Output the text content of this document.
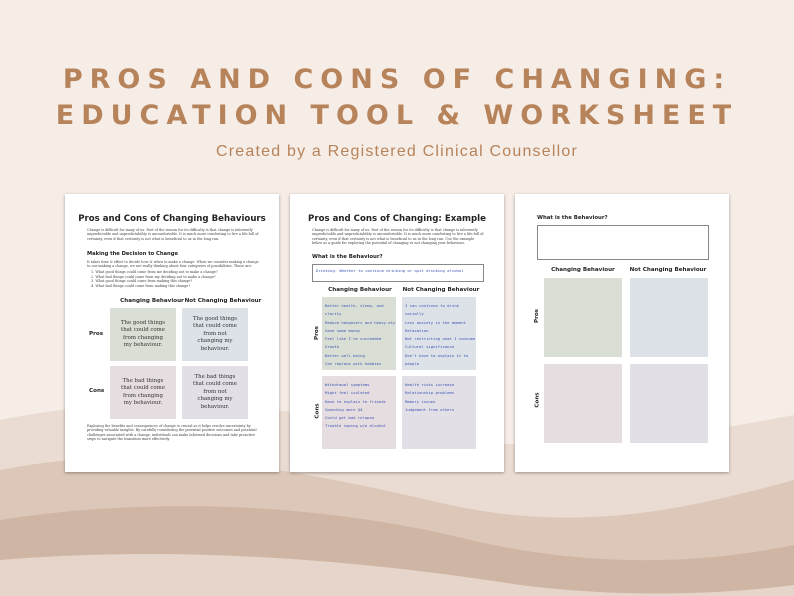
PROS AND CONS OF CHANGING:
EDUCATION TOOL & WORKSHEET
Created by a Registered Clinical Counsellor
Pros and Cons of Changing Behaviours
Change is difficult for many of us. Part of the reason for its difficulty is that change is inherently unpredictable and unpredictability is uncomfortable. It is much more comforting to live a life full of certainty, even if that certainty is not what is beneficial to us in the long run.
Making the Decision to Change
It takes time & effort to decide how & when to make a change. When we consider making a change to our making a change, we are really thinking about four categories of possibilities. These are:
1. What good things could come from me deciding not to make a change?
2. What bad things could come from my deciding not to make a change?
3. What good things could come from making this change?
4. What bad things could come from making this change?
Changing Behaviour Not Changing Behaviour
Pros
Cons
The good things that could come from changing my behaviour.
The good things that could come from not changing my behaviour.
The bad things that could come from changing my behaviour.
The bad things that could come from not changing my behaviour.
Exploring the benefits and consequences of change is crucial as it helps resolve uncertainty by providing valuable insights. By carefully considering the potential positive outcomes and potential challenges associated with a change, individuals can make informed decisions and take proactive steps to navigate the transition more effectively.
Pros and Cons of Changing: Example
Change is difficult for many of us. Part of the reason for its difficulty is that change is inherently unpredictable and unpredictability is uncomfortable. It is much more comforting to live a life full of certainty, even if that certainty is not what is beneficial to us in the long run. Use the example below as a guide for exploring the potential of changing vs not changing your behaviour.
What is the Behaviour?
Drinking. Whether to continue drinking or quit drinking alcohol
Changing Behaviour	Not Changing Behaviour
Pros
Cons
Better health, sleep, and clarity
Reduce hangovers and heavy-ety
Save some money
Feel like I've succeeded
Growth
Better well-being
Can replace with hobbies
I can continue to drink socially
Less anxiety in the moment
Relaxation
Not restricting what I consume
Cultural significance
Don't have to explain it to people
Withdrawal symptoms
Might feel isolated
Have to explain to friends
Spending more $$
Could get bad relapse
Trouble coping w/o alcohol
Health risks increase
Relationship problems
Memory issues
Judgement from others
What is the Behaviour?
Changing Behaviour	Not Changing Behaviour
Pros
Cons
